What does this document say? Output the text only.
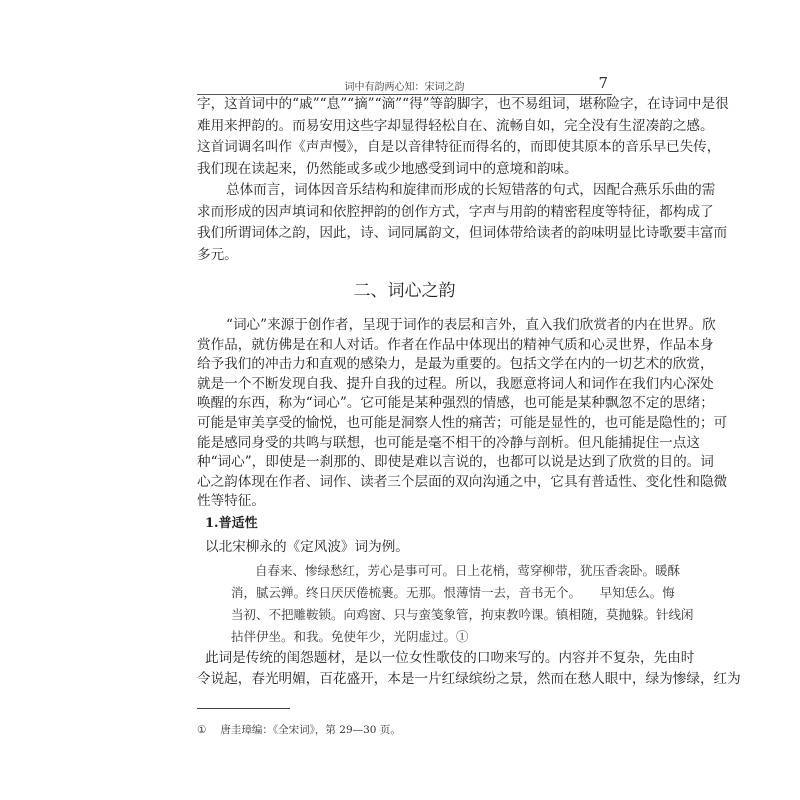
词中有韵两心知：宋词之韵	7
字，这首词中的“戚”“息”“摘”“滴”“得”等韵脚字，也不易组词，堪称险字，在诗词中是很
难用来押韵的。而易安用这些字却显得轻松自在、流畅自如，完全没有生涩凑韵之感。
这首词调名叫作《声声慢》，自是以音律特征而得名的，而即使其原本的音乐早已失传，
我们现在读起来，仍然能或多或少地感受到词中的意境和韵味。
总体而言，词体因音乐结构和旋律而形成的长短错落的句式，因配合燕乐乐曲的需
求而形成的因声填词和依腔押韵的创作方式，字声与用韵的精密程度等特征，都构成了
我们所谓词体之韵，因此，诗、词同属韵文，但词体带给读者的韵味明显比诗歌要丰富而
多元。
二、词心之韵
“词心”来源于创作者，呈现于词作的表层和言外，直入我们欣赏者的内在世界。欣
赏作品，就仿佛是在和人对话。作者在作品中体现出的精神气质和心灵世界，作品本身
给予我们的冲击力和直观的感染力，是最为重要的。包括文学在内的一切艺术的欣赏，
就是一个不断发现自我、提升自我的过程。所以，我愿意将词人和词作在我们内心深处
唤醒的东西，称为“词心”。它可能是某种强烈的情感，也可能是某种飘忽不定的思绪；
可能是审美享受的愉悦，也可能是洞察人性的痛苦；可能是显性的，也可能是隐性的；可
能是感同身受的共鸣与联想，也可能是毫不相干的冷静与剖析。但凡能捕捉住一点这
种“词心”，即使是一刹那的、即使是难以言说的，也都可以说是达到了欣赏的目的。词
心之韵体现在作者、词作、读者三个层面的双向沟通之中，它具有普适性、变化性和隐微
性等特征。
1.普适性
以北宋柳永的《定风波》词为例。
自春来、惨绿愁红，芳心是事可可。日上花梢，莺穿柳带，犹压香衾卧。暖酥
消，腻云亸。终日厌厌倦梳裹。无那。恨薄情一去，音书无个。　　早知恁么。悔
当初、不把雕鞍锁。向鸡窗、只与蛮笺象管，拘束教吟课。镇相随，莫抛躲。针线闲
拈伴伊坐。和我。免使年少，光阴虚过。①
此词是传统的闺怨题材，是以一位女性歌伎的口吻来写的。内容并不复杂，先由时
令说起，春光明媚，百花盛开，本是一片红绿缤纷之景，然而在愁人眼中，绿为惨绿，红为
① 唐圭璋编：《全宋词》，第 29—30 页。
